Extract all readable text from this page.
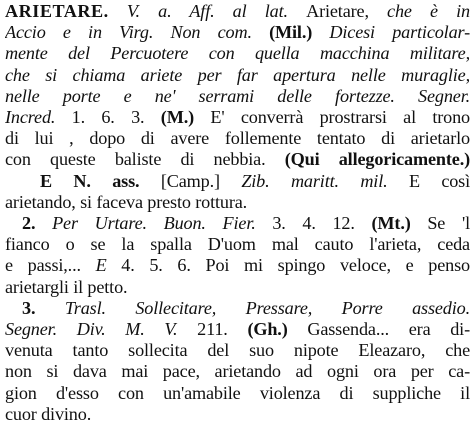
ARIETARE. V. a. Aff. al lat. Arietare, che è in
Accio e in Virg. Non com. (Mil.) Dicesi particolar-
mente del Percuotere con quella macchina militare,
che si chiama ariete per far apertura nelle muraglie,
nelle porte e ne' serrami delle fortezze. Segner.
Incred. 1. 6. 3. (M.) E' converrà prostrarsi al trono
di lui , dopo di avere follemente tentato di arietarlo
con queste baliste di nebbia. (Qui allegoricamente.)
E N. ass. [Camp.] Zib. maritt. mil. E così
arietando, si faceva presto rottura.
2. Per Urtare. Buon. Fier. 3. 4. 12. (Mt.) Se 'l
fianco o se la spalla D'uom mal cauto l'arieta, ceda
e passi,... E 4. 5. 6. Poi mi spingo veloce, e penso
arietargli il petto.
3. Trasl. Sollecitare, Pressare, Porre assedio.
Segner. Div. M. V. 211. (Gh.) Gassenda... era di-
venuta tanto sollecita del suo nipote Eleazaro, che
non si dava mai pace, arietando ad ogni ora per ca-
gion d'esso con un'amabile violenza di suppliche il
cuor divino.
